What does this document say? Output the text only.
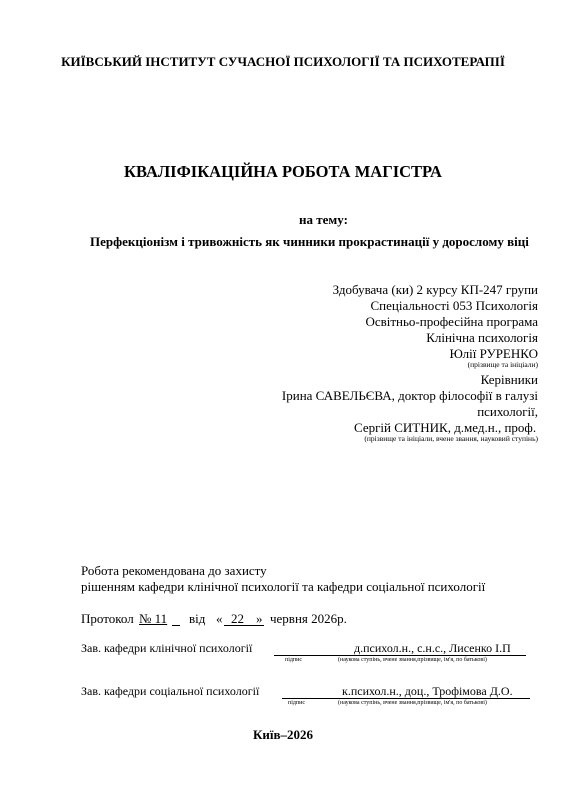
КИЇВСЬКИЙ ІНСТИТУТ СУЧАСНОЇ ПСИХОЛОГІЇ ТА ПСИХОТЕРАПІЇ
КВАЛІФІКАЦІЙНА РОБОТА МАГІСТРА
на тему:
Перфекціонізм і тривожність як чинники прокрастинації у дорослому віці
Здобувача (ки) 2 курсу КП-247 групи
Спеціальності 053 Психологія
Освітньо-професійна програма
Клінічна психологія
Юлії РУРЕНКО
(прізвище та ініціали)
Керівники
Ірина САВЕЛЬЄВА, доктор філософії в галузі
психології,
Сергій СИТНИК, д.мед.н., проф.
(прізвище та ініціали, вчене звання, науковий ступінь)
Робота рекомендована до захисту
рішенням кафедри клінічної психології та кафедри соціальної психології
Протокол № 11 від « 22 » червня 2026р.
Зав. кафедри клінічної психології	д.психол.н., с.н.с., Лисенко І.П
підпис	(наукова ступінь, вчене звання,прізвище, ім'я, по батькові)
Зав. кафедри соціальної психології	к.психол.н., доц., Трофімова Д.О.
підпис	(наукова ступінь, вчене звання,прізвище, ім'я, по батькові)
Київ–2026
